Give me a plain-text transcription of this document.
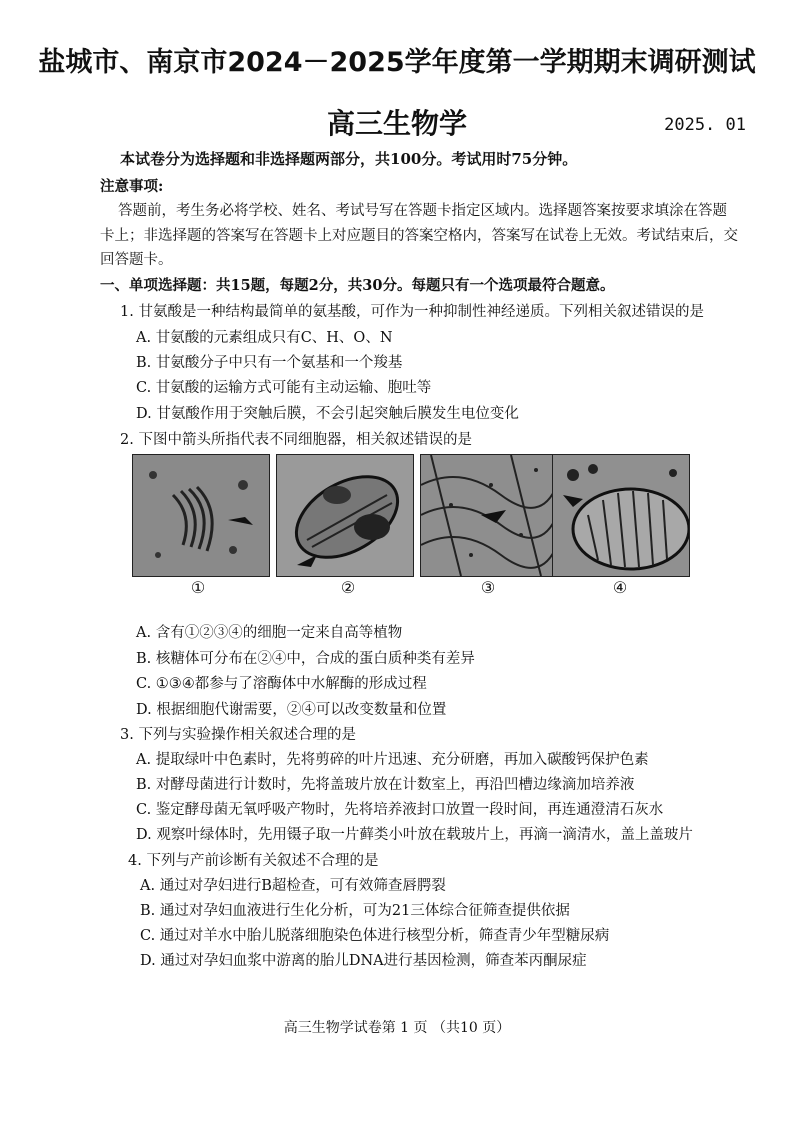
盐城市、南京市2024－2025学年度第一学期期末调研测试
高三生物学	2025. 01
本试卷分为选择题和非选择题两部分，共100分。考试用时75分钟。
注意事项:
答题前，考生务必将学校、姓名、考试号写在答题卡指定区域内。选择题答案按要求填涂在答题
卡上；非选择题的答案写在答题卡上对应题目的答案空格内，答案写在试卷上无效。考试结束后，交
回答题卡。
一、单项选择题：共15题，每题2分，共30分。每题只有一个选项最符合题意。
1. 甘氨酸是一种结构最简单的氨基酸，可作为一种抑制性神经递质。下列相关叙述错误的是
A. 甘氨酸的元素组成只有C、H、O、N
B. 甘氨酸分子中只有一个氨基和一个羧基
C. 甘氨酸的运输方式可能有主动运输、胞吐等
D. 甘氨酸作用于突触后膜，不会引起突触后膜发生电位变化
2. 下图中箭头所指代表不同细胞器，相关叙述错误的是
①	②	③	④
A. 含有①②③④的细胞一定来自高等植物
B. 核糖体可分布在②④中，合成的蛋白质种类有差异
C. ①③④都参与了溶酶体中水解酶的形成过程
D. 根据细胞代谢需要，②④可以改变数量和位置
3. 下列与实验操作相关叙述合理的是
A. 提取绿叶中色素时，先将剪碎的叶片迅速、充分研磨，再加入碳酸钙保护色素
B. 对酵母菌进行计数时，先将盖玻片放在计数室上，再沿凹槽边缘滴加培养液
C. 鉴定酵母菌无氧呼吸产物时，先将培养液封口放置一段时间，再连通澄清石灰水
D. 观察叶绿体时，先用镊子取一片藓类小叶放在载玻片上，再滴一滴清水，盖上盖玻片
4. 下列与产前诊断有关叙述不合理的是
A. 通过对孕妇进行B超检查，可有效筛查唇腭裂
B. 通过对孕妇血液进行生化分析，可为21三体综合征筛查提供依据
C. 通过对羊水中胎儿脱落细胞染色体进行核型分析，筛查青少年型糖尿病
D. 通过对孕妇血浆中游离的胎儿DNA进行基因检测，筛查苯丙酮尿症
高三生物学试卷第 1 页 （共10 页）
